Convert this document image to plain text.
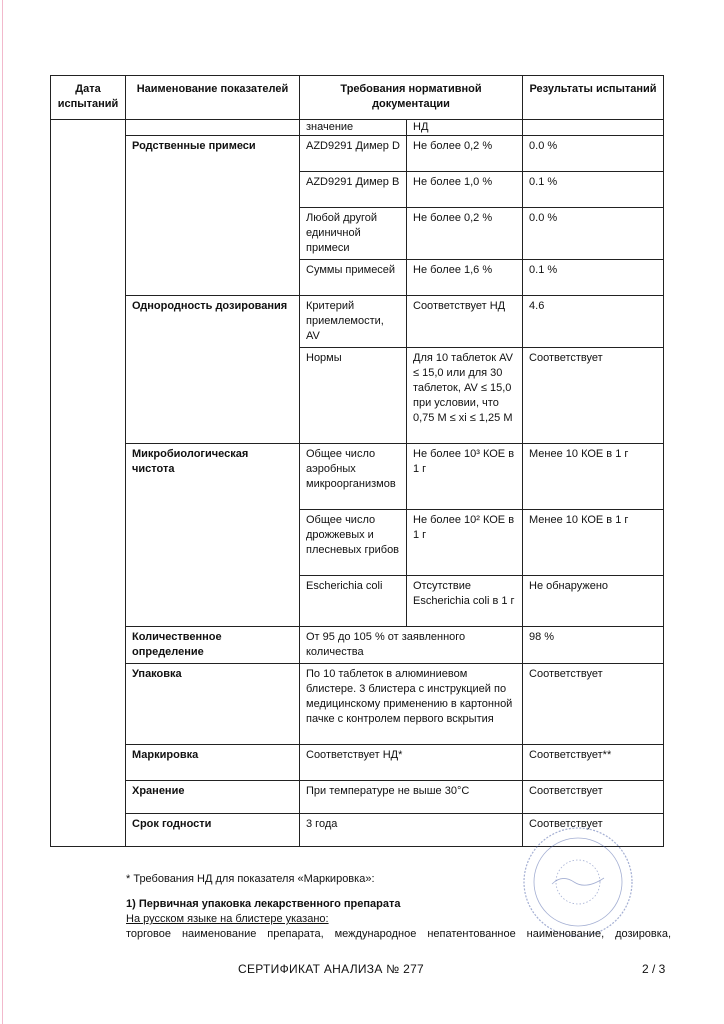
Дата испытаний	Наименование показателей	Требования нормативной документации		Результаты испытаний
		значение	НД	
	Родственные примеси	AZD9291 Димер D	Не более 0,2 %	0.0 %
		AZD9291 Димер B	Не более 1,0 %	0.1 %
		Любой другой единичной примеси	Не более 0,2 %	0.0 %
		Суммы примесей	Не более 1,6 %	0.1 %
	Однородность дозирования	Критерий приемлемости, AV	Соответствует НД	4.6
		Нормы	Для 10 таблеток AV ≤ 15,0 или для 30 таблеток, AV ≤ 15,0 при условии, что 0,75 M ≤ xi ≤ 1,25 M	Соответствует
	Микробиологическая чистота	Общее число аэробных микроорганизмов	Не более 10³ КОЕ в 1 г	Менее 10 КОЕ в 1 г
		Общее число дрожжевых и плесневых грибов	Не более 10² КОЕ в 1 г	Менее 10 КОЕ в 1 г
		Escherichia coli	Отсутствие Escherichia coli в 1 г	Не обнаружено
	Количественное определение	От 95 до 105 % от заявленного количества		98 %
	Упаковка	По 10 таблеток в алюминиевом блистере. 3 блистера с инструкцией по медицинскому применению в картонной пачке с контролем первого вскрытия		Соответствует
	Маркировка	Соответствует НД*		Соответствует**
	Хранение	При температуре не выше 30°С		Соответствует
	Срок годности	3 года		Соответствует

* Требования НД для показателя «Маркировка»:

1) Первичная упаковка лекарственного препарата

На русском языке на блистере указано:

торговое наименование препарата, международное непатентованное наименование, дозировка,

СЕРТИФИКАТ АНАЛИЗА № 277	2 / 3
